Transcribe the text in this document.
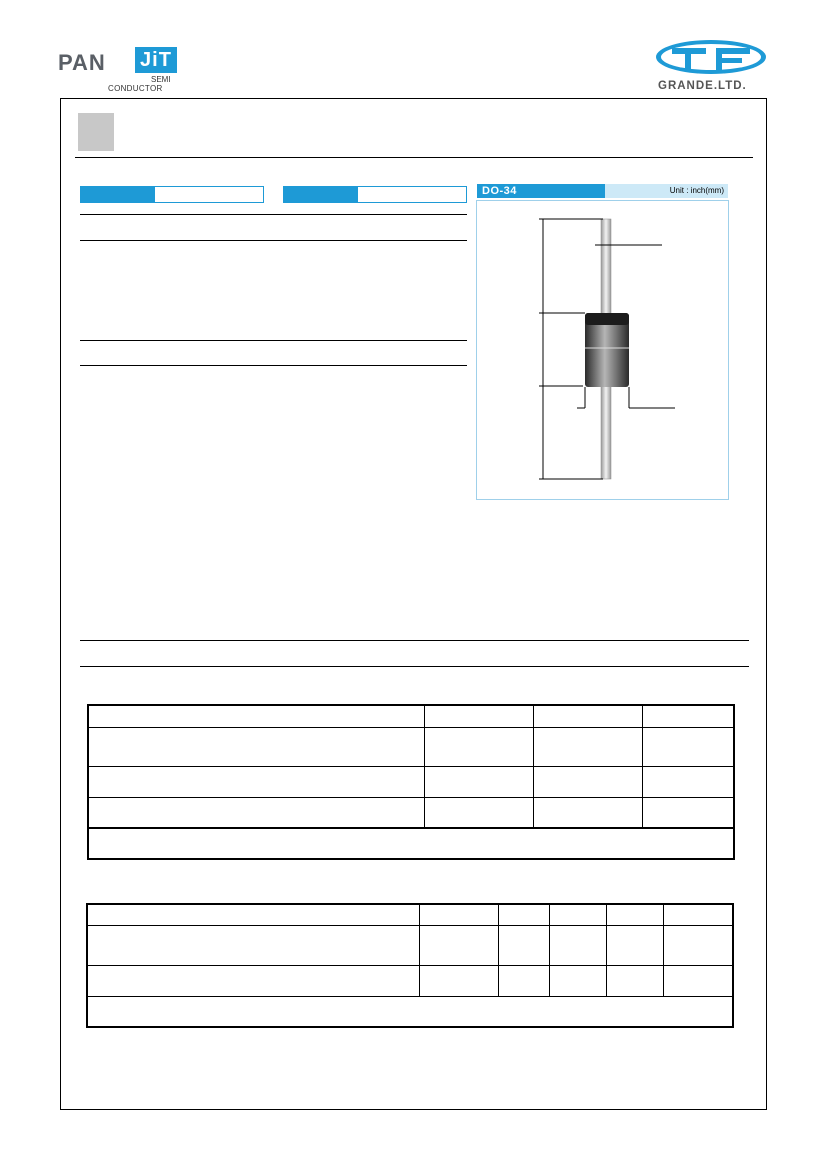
PAN JiT
SEMI
CONDUCTOR	GRANDE.LTD.
DO-34	Unit : inch(mm)
